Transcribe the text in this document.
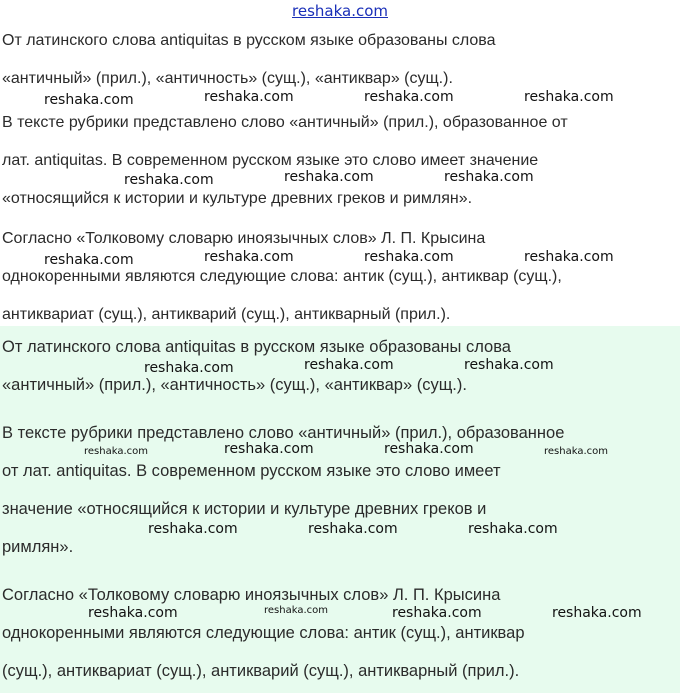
reshaka.com

От латинского слова antiquitas в русском языке образованы слова
«античный» (прил.), «античность» (сущ.), «антиквар» (сущ.).

В тексте рубрики представлено слово «античный» (прил.), образованное от
лат. antiquitas. В современном русском языке это слово имеет значение
«относящийся к истории и культуре древних греков и римлян».

Согласно «Толковому словарю иноязычных слов» Л. П. Крысина
однокоренными являются следующие слова: антик (сущ.), антиквар (сущ.),
антиквариат (сущ.), антикварий (сущ.), антикварный (прил.).

От латинского слова antiquitas в русском языке образованы слова
«античный» (прил.), «античность» (сущ.), «антиквар» (сущ.).

В тексте рубрики представлено слово «античный» (прил.), образованное
от лат. antiquitas. В современном русском языке это слово имеет
значение «относящийся к истории и культуре древних греков и
римлян».

Согласно «Толковому словарю иноязычных слов» Л. П. Крысина
однокоренными являются следующие слова: антик (сущ.), антиквар
(сущ.), антиквариат (сущ.), антикварий (сущ.), антикварный (прил.).

reshaka.com	reshaka.com	reshaka.com	reshaka.com
reshaka.com	reshaka.com	reshaka.com
reshaka.com	reshaka.com	reshaka.com	reshaka.com
reshaka.com	reshaka.com	reshaka.com
reshaka.com	reshaka.com	reshaka.com	reshaka.com
reshaka.com	reshaka.com	reshaka.com
reshaka.com	reshaka.com	reshaka.com	reshaka.com
